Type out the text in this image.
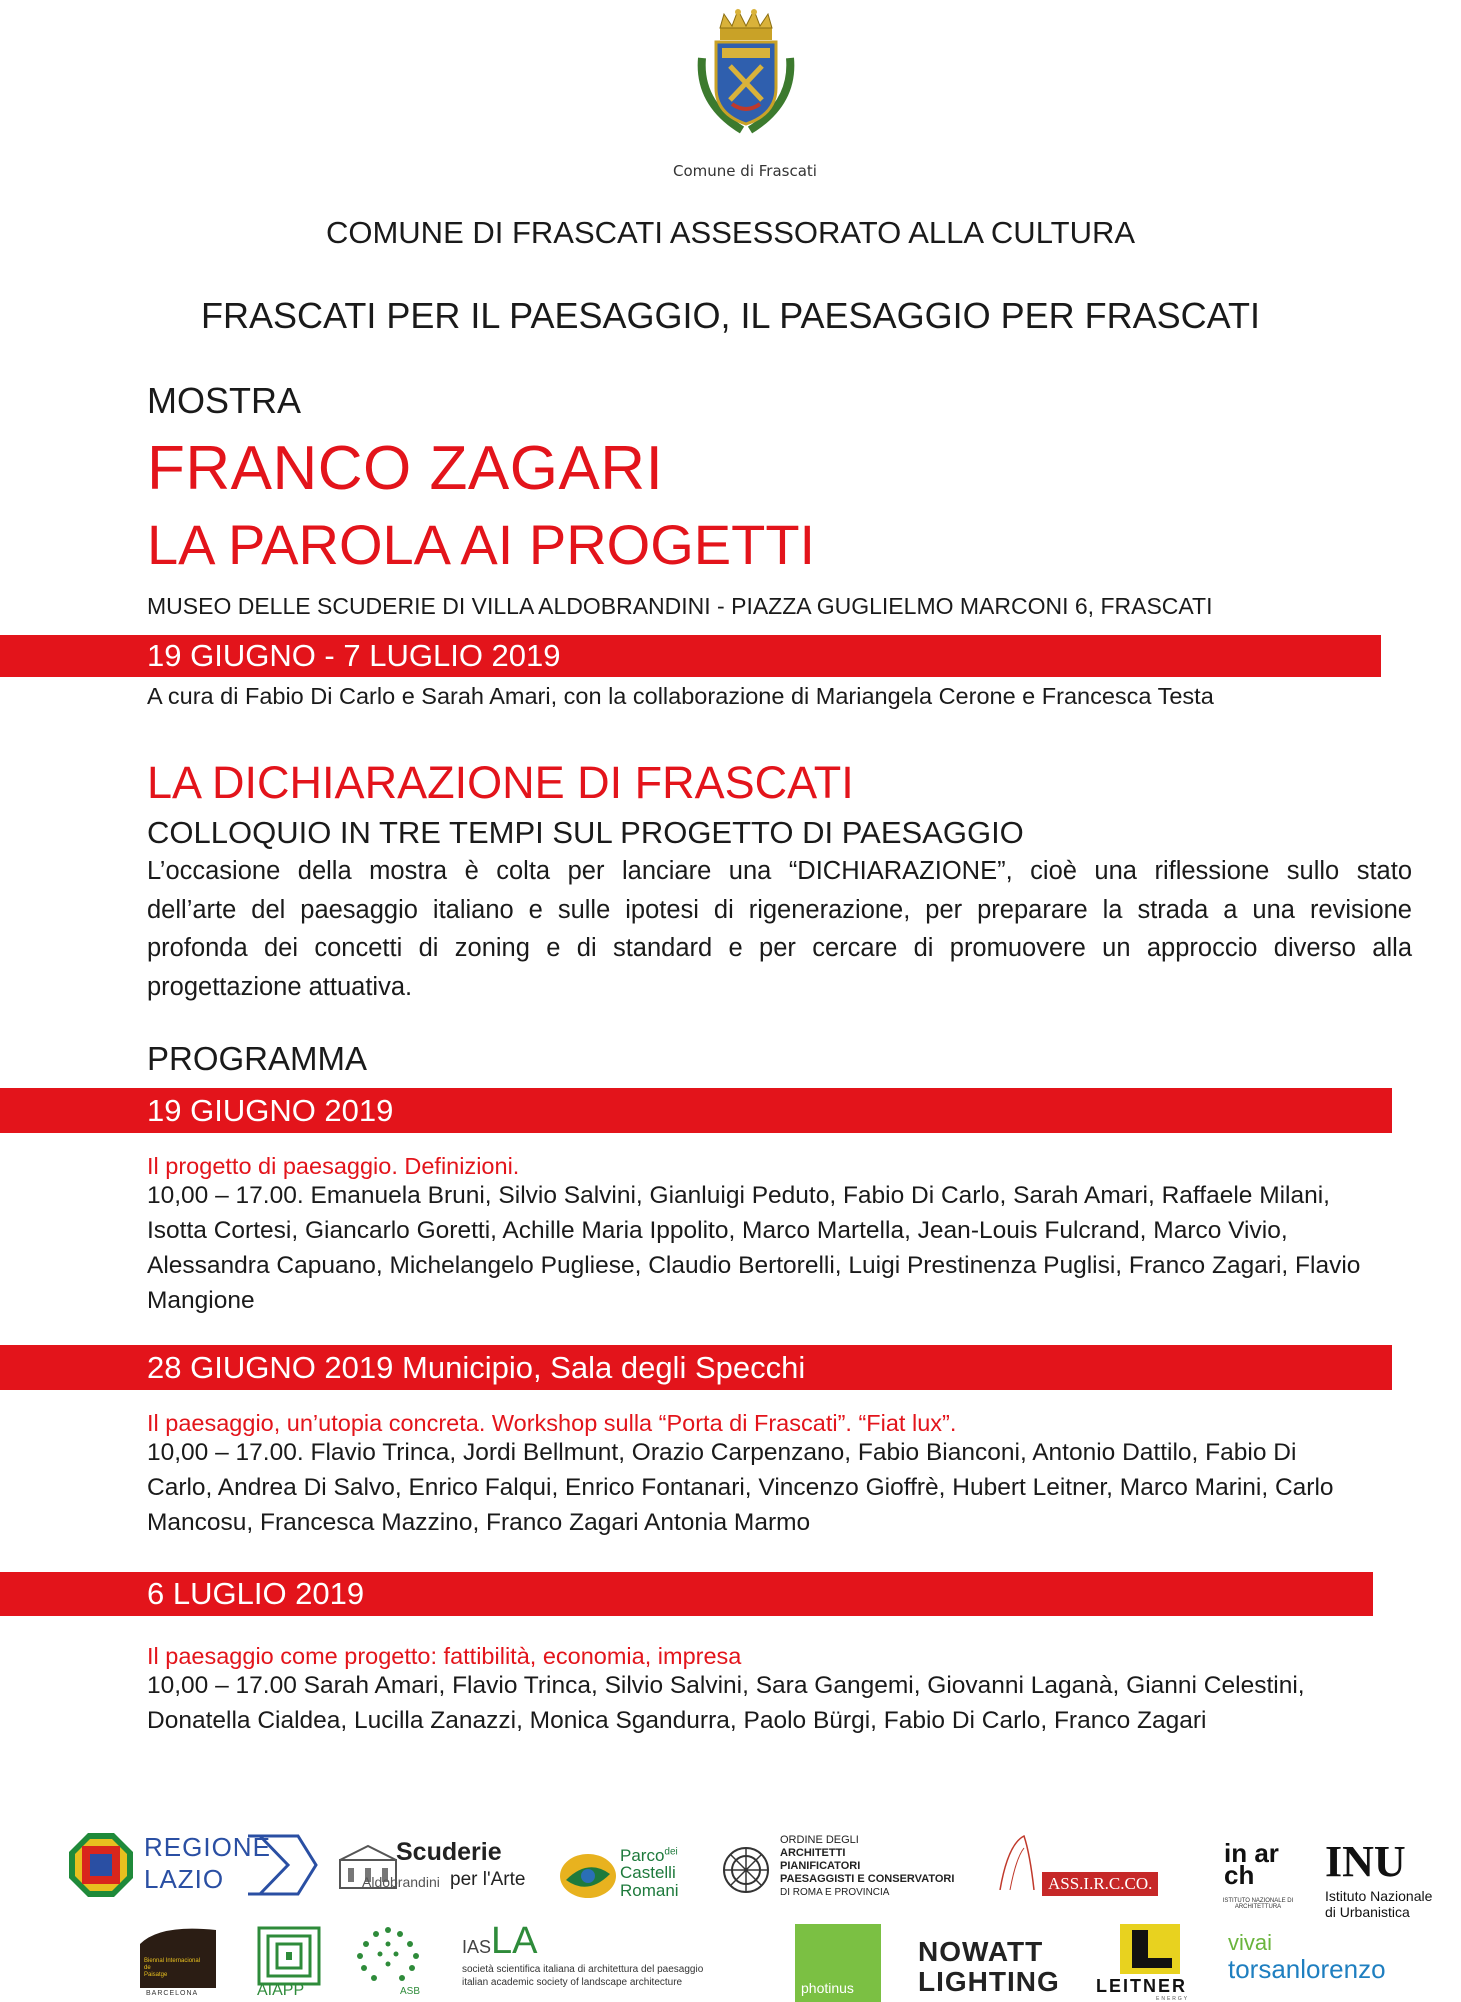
Comune di Frascati
COMUNE DI FRASCATI ASSESSORATO ALLA CULTURA
FRASCATI PER IL PAESAGGIO, IL PAESAGGIO PER FRASCATI
MOSTRA
FRANCO ZAGARI
LA PAROLA AI PROGETTI
MUSEO DELLE SCUDERIE DI VILLA ALDOBRANDINI - PIAZZA GUGLIELMO MARCONI 6, FRASCATI
19 GIUGNO - 7 LUGLIO 2019
A cura di Fabio Di Carlo e Sarah Amari, con la collaborazione di Mariangela Cerone e Francesca Testa
LA DICHIARAZIONE DI FRASCATI
COLLOQUIO IN TRE TEMPI SUL PROGETTO DI PAESAGGIO
L’occasione della mostra è colta per lanciare una “DICHIARAZIONE”, cioè una riflessione sullo stato
dell’arte del paesaggio italiano e sulle ipotesi di rigenerazione, per preparare la strada a una revisione
profonda dei concetti di zoning e di standard e per cercare di promuovere un approccio diverso alla
progettazione attuativa.
PROGRAMMA
19 GIUGNO 2019
Il progetto di paesaggio. Definizioni.
10,00 – 17.00. Emanuela Bruni, Silvio Salvini, Gianluigi Peduto, Fabio Di Carlo, Sarah Amari, Raffaele Milani,
Isotta Cortesi, Giancarlo Goretti, Achille Maria Ippolito, Marco Martella, Jean-Louis Fulcrand, Marco Vivio,
Alessandra Capuano, Michelangelo Pugliese, Claudio Bertorelli, Luigi Prestinenza Puglisi, Franco Zagari, Flavio
Mangione
28 GIUGNO 2019 Municipio, Sala degli Specchi
Il paesaggio, un’utopia concreta. Workshop sulla “Porta di Frascati”. “Fiat lux”.
10,00 – 17.00. Flavio Trinca, Jordi Bellmunt, Orazio Carpenzano, Fabio Bianconi, Antonio Dattilo, Fabio Di
Carlo, Andrea Di Salvo, Enrico Falqui, Enrico Fontanari, Vincenzo Gioffrè, Hubert Leitner, Marco Marini, Carlo
Mancosu, Francesca Mazzino, Franco Zagari Antonia Marmo
6 LUGLIO 2019
Il paesaggio come progetto: fattibilità, economia, impresa
10,00 – 17.00 Sarah Amari, Flavio Trinca, Silvio Salvini, Sara Gangemi, Giovanni Laganà, Gianni Celestini,
Donatella Cialdea, Lucilla Zanazzi, Monica Sgandurra, Paolo Bürgi, Fabio Di Carlo, Franco Zagari
REGIONE
LAZIO
Scuderie
Aldobrandini per l'Arte
Parco$^{dei}$
Castelli
Romani
ORDINE DEGLI
ARCHITETTI
PIANIFICATORI
PAESAGGISTI E CONSERVATORI
DI ROMA E PROVINCIA	ASS.I.R.C.CO.
in arch
ISTITUTO NAZIONALE DI ARCHITETTURA
INU
Istituto Nazionale
di Urbanistica
Biennal Internacional de
Paisatge
BARCELONA	AIAPP	ASB
IASLA
società scientifica italiana di architettura del paesaggio
italian academic society of landscape architecture	photinus
NOWATT
LIGHTING LEITNER
ENERGY
vivai
torsanlorenzo
